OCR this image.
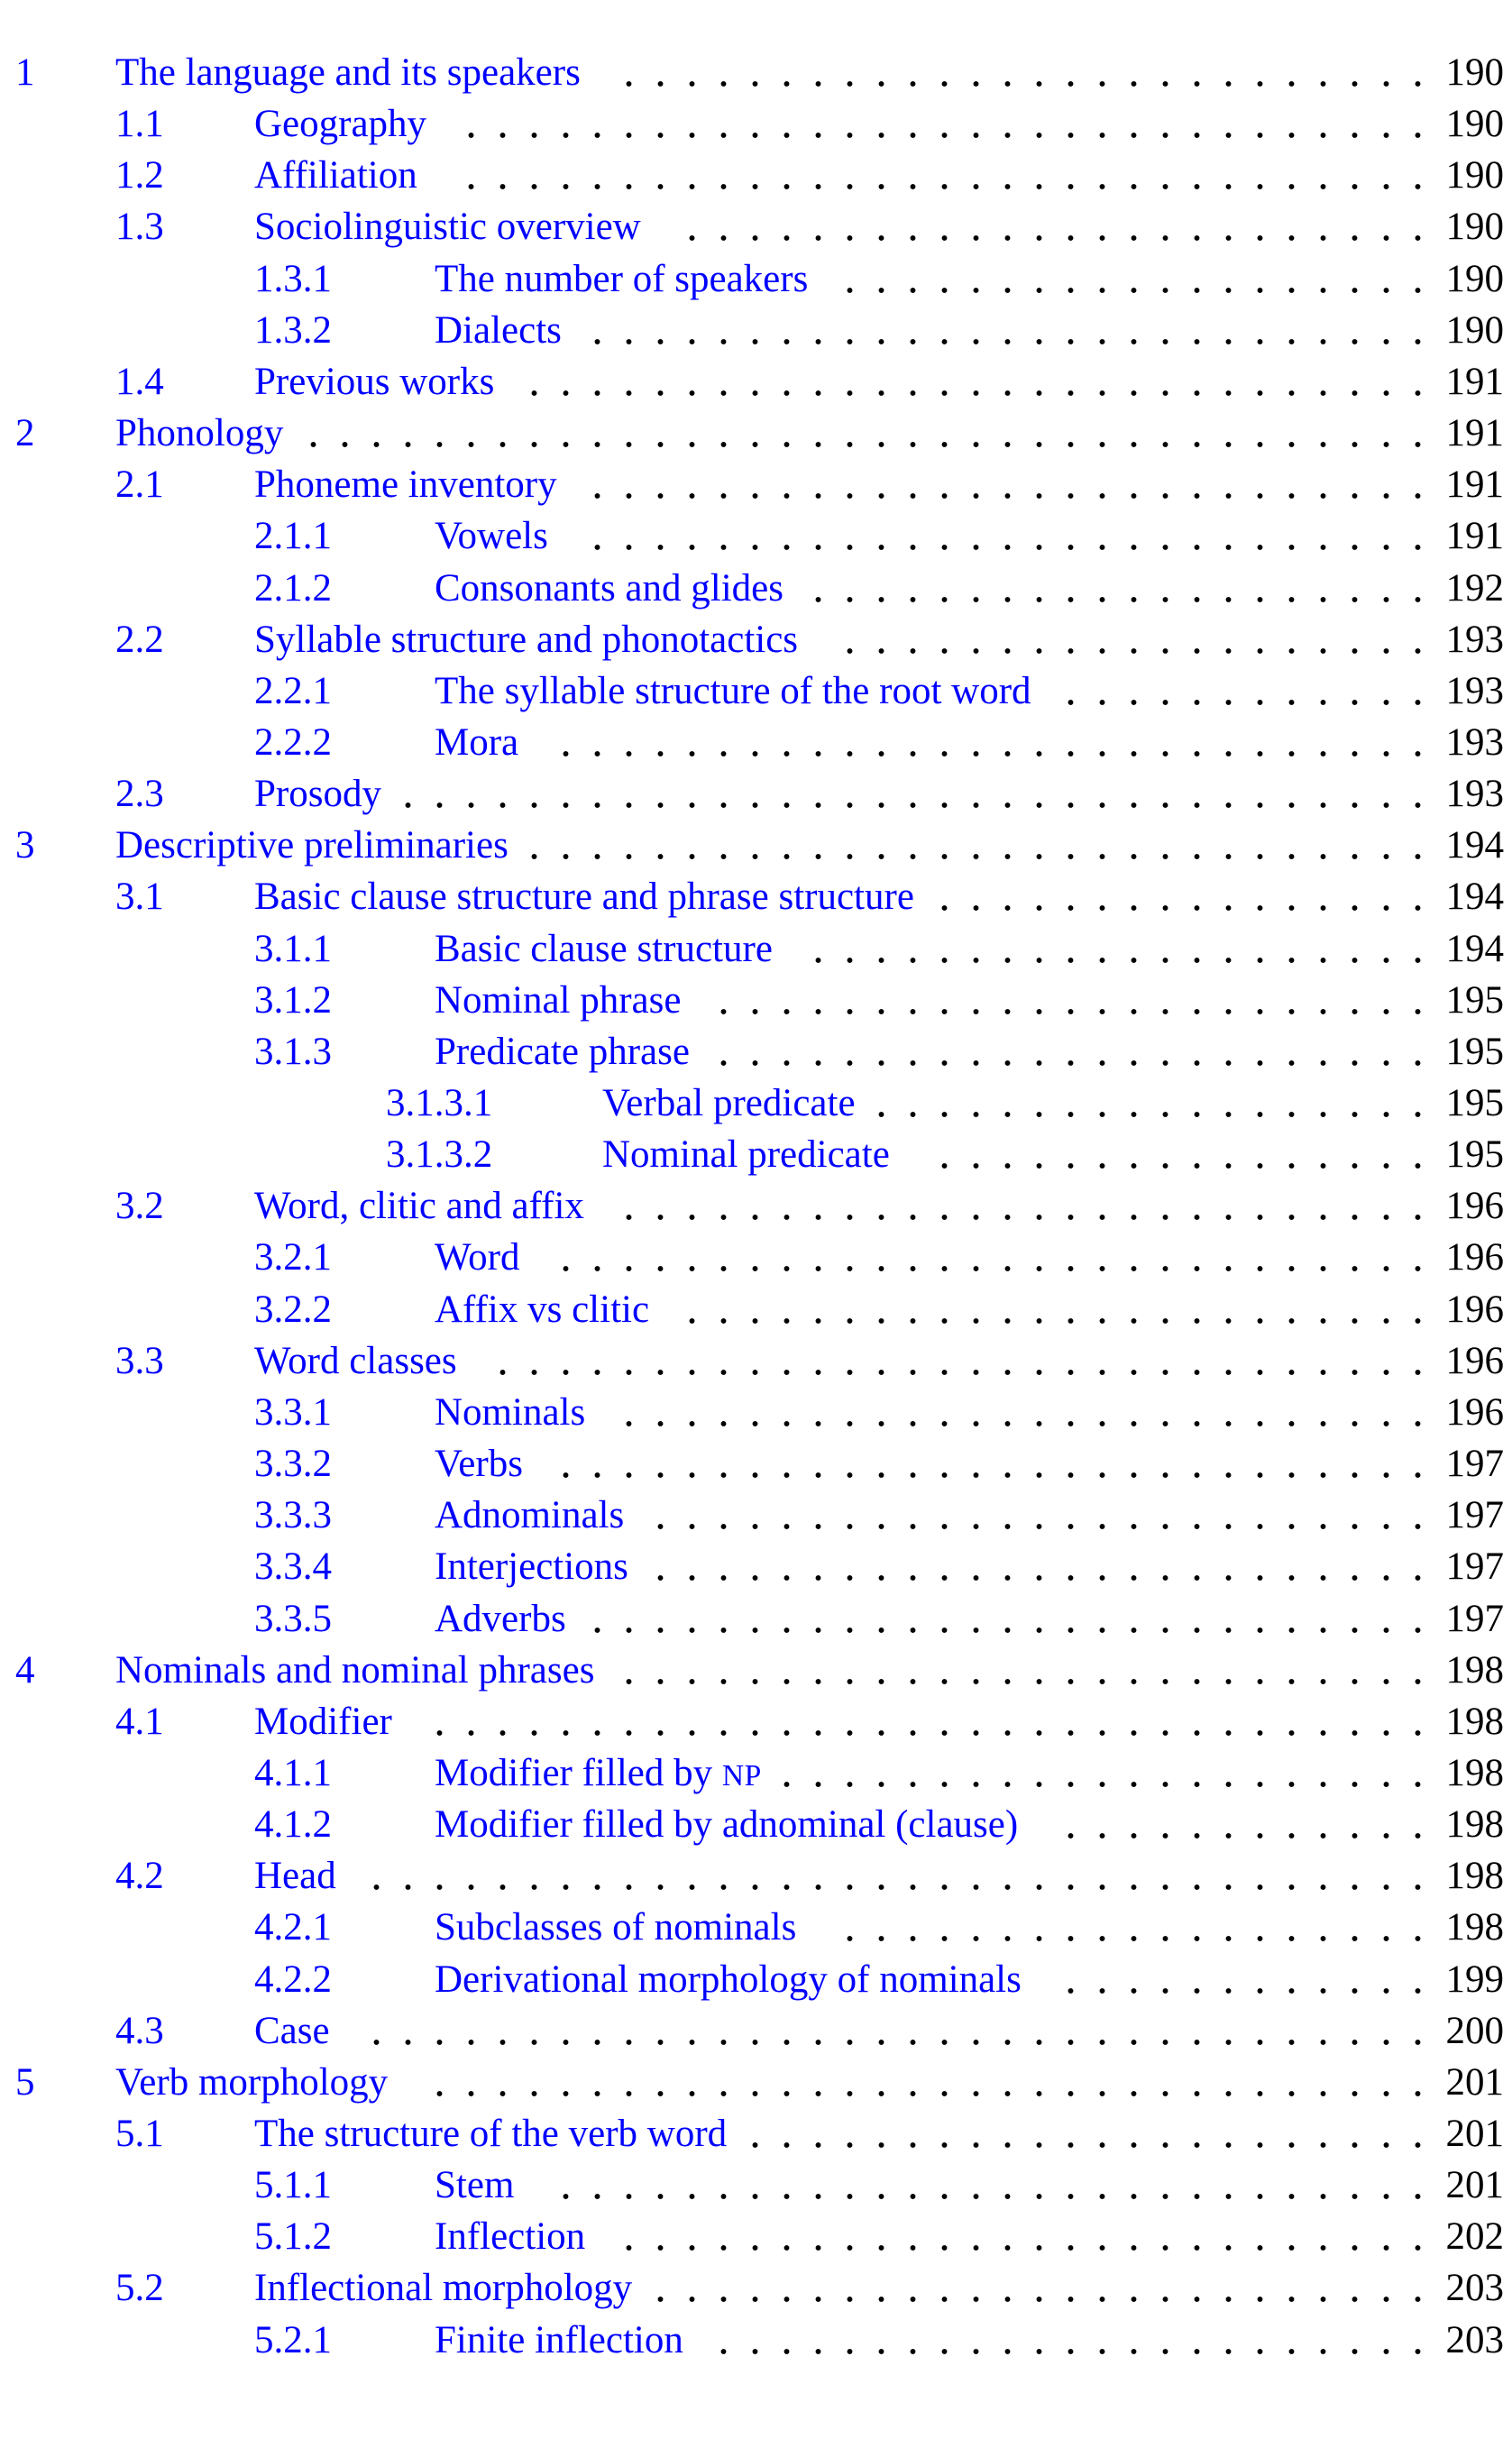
1 The language and its speakers	190
1.1 Geography	190
1.2 Affiliation	190
1.3 Sociolinguistic overview	190
1.3.1	The number of speakers	190
1.3.2	Dialects	190
1.4 Previous works	191
2 Phonology	191
2.1 Phoneme inventory	191
2.1.1	Vowels	191
2.1.2	Consonants and glides	192
2.2 Syllable structure and phonotactics	193
2.2.1	The syllable structure of the root word	193
2.2.2	Mora	193
2.3 Prosody	193
3 Descriptive preliminaries	194
3.1 Basic clause structure and phrase structure	194
3.1.1	Basic clause structure	194
3.1.2	Nominal phrase	195
3.1.3	Predicate phrase	195
3.1.3.1	Verbal predicate	195
3.1.3.2	Nominal predicate	195
3.2 Word, clitic and affix	196
3.2.1	Word	196
3.2.2	Affix vs clitic	196
3.3 Word classes	196
3.3.1	Nominals	196
3.3.2	Verbs	197
3.3.3	Adnominals	197
3.3.4	Interjections	197
3.3.5	Adverbs	197
4 Nominals and nominal phrases	198
4.1 Modifier	198
4.1.1	Modifier filled by NP	198
4.1.2	Modifier filled by adnominal (clause)	198
4.2 Head	198
4.2.1	Subclasses of nominals	198
4.2.2	Derivational morphology of nominals	199
4.3 Case	200
5 Verb morphology	201
5.1 The structure of the verb word	201
5.1.1	Stem	201
5.1.2	Inflection	202
5.2 Inflectional morphology	203
5.2.1	Finite inflection	203
